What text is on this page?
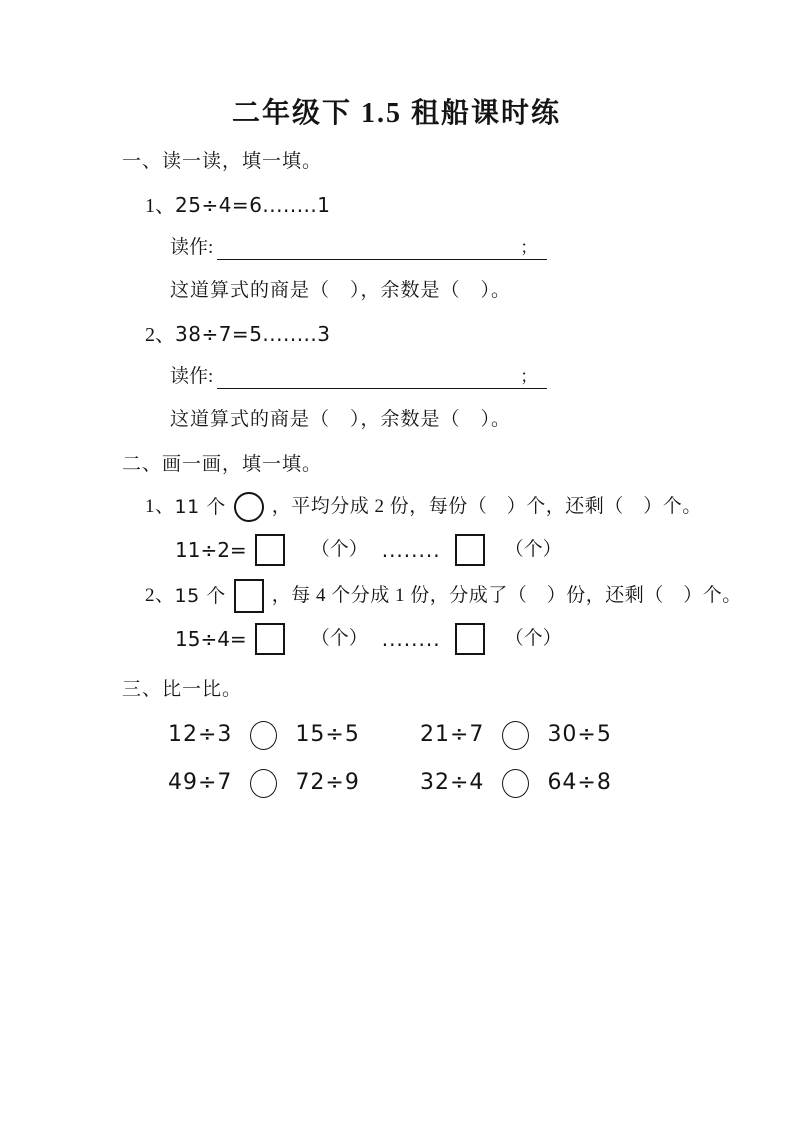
二年级下 1.5 租船课时练
一、读一读，填一填。
1、25÷4=6........1
读作:	；
这道算式的商是（　），余数是（　）。
2、38÷7=5........3
读作:	；
这道算式的商是（　），余数是（　）。
二、画一画，填一填。
1、 11 个 ，平均分成 2 份，每份（　）个，还剩（　）个。
11÷2=	（个） ........	（个）
2、 15 个 ，每 4 个分成 1 份，分成了（　）份，还剩（　）个。
15÷4=	（个） ........	（个）
三、比一比。
12÷3	15÷5	21÷7	30÷5
49÷7	72÷9	32÷4	64÷8
